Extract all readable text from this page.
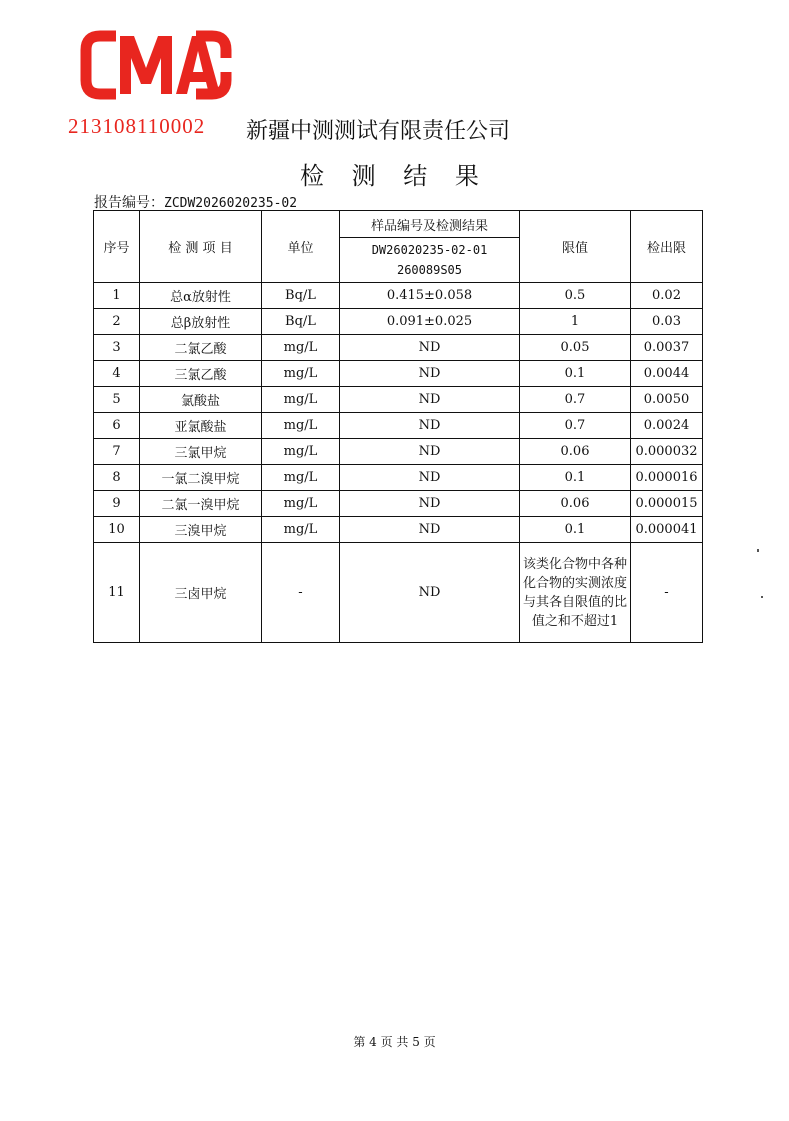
213108110002 新疆中测测试有限责任公司
检 测 结 果
报告编号：ZCDW2026020235-02
序号	检 测 项 目	单位	样品编号及检测结果	限值	检出限

			DW26020235-02-01
260089S05		

1	总α放射性	Bq/L	0.415±0.058	0.5	0.02
2	总β放射性	Bq/L	0.091±0.025	1	0.03
3	二氯乙酸	mg/L	ND	0.05	0.0037
4	三氯乙酸	mg/L	ND	0.1	0.0044
5	氯酸盐	mg/L	ND	0.7	0.0050
6	亚氯酸盐	mg/L	ND	0.7	0.0024
7	三氯甲烷	mg/L	ND	0.06	0.000032
8	一氯二溴甲烷	mg/L	ND	0.1	0.000016
9	二氯一溴甲烷	mg/L	ND	0.06	0.000015
10	三溴甲烷	mg/L	ND	0.1	0.000041
11	三卤甲烷	-	ND	该类化合物中各种化合物的实测浓度与其各自限值的比值之和不超过1	-
第 4 页 共 5 页
